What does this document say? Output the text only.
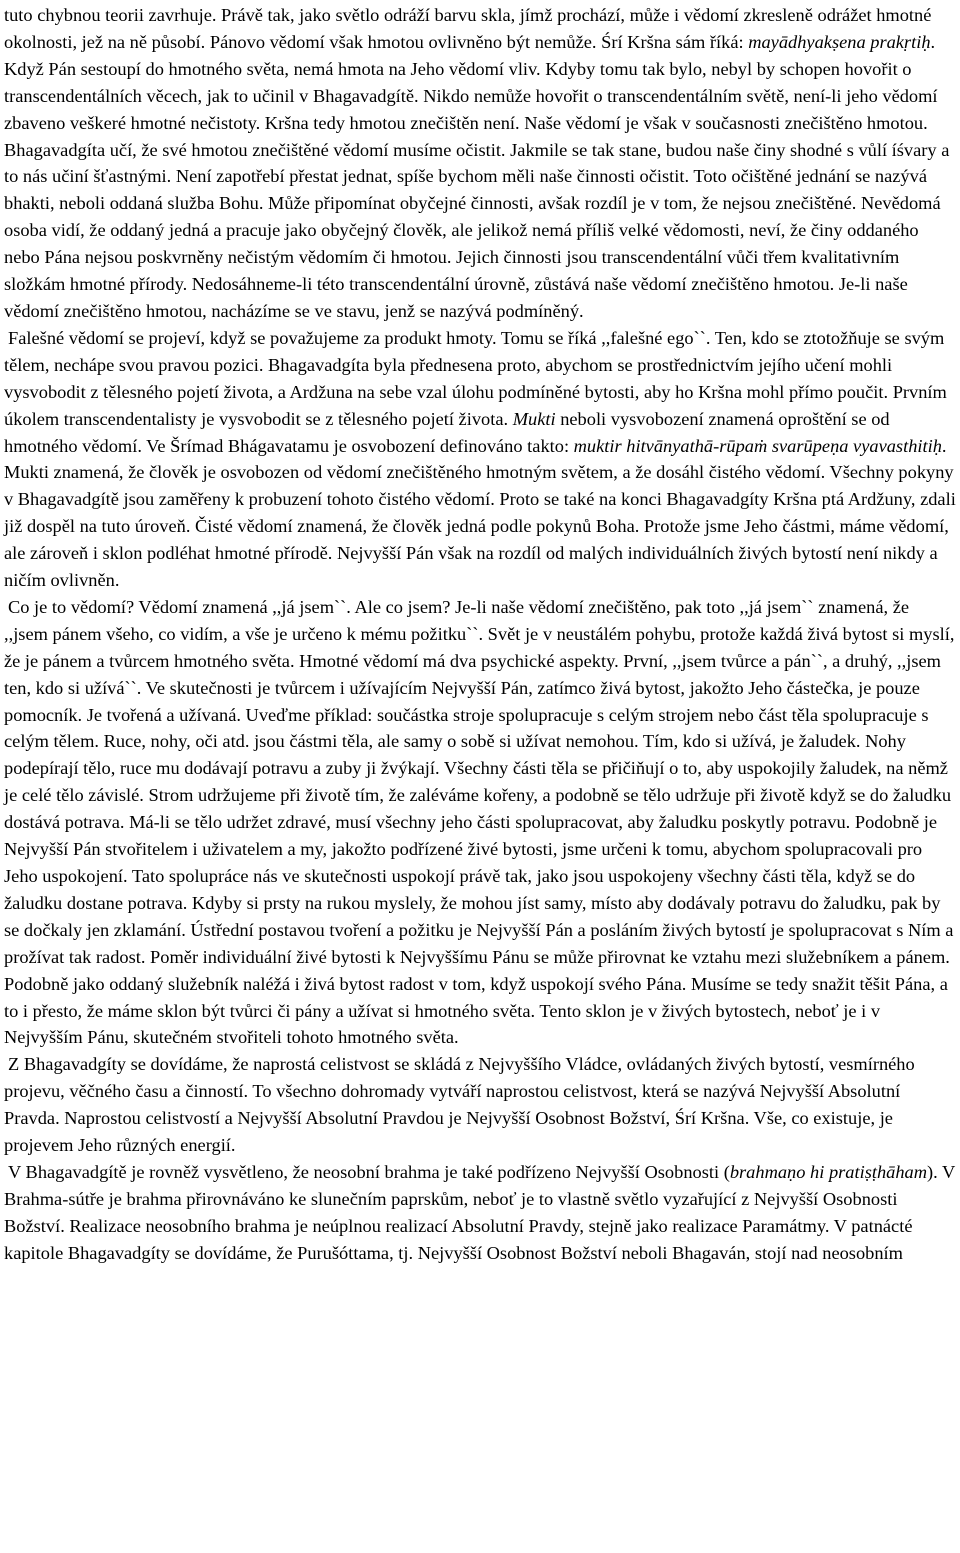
tuto chybnou teorii zavrhuje. Právě tak, jako světlo odráží barvu skla, jímž prochází, může i vědomí zkresleně odrážet hmotné okolnosti, jež na ně působí. Pánovo vědomí však hmotou ovlivněno být nemůže. Śrí Kršna sám říká: mayādhyakṣena prakṛtiḥ. Když Pán sestoupí do hmotného světa, nemá hmota na Jeho vědomí vliv. Kdyby tomu tak bylo, nebyl by schopen hovořit o transcendentálních věcech, jak to učinil v Bhagavadgítě. Nikdo nemůže hovořit o transcendentálním světě, není-li jeho vědomí zbaveno veškeré hmotné nečistoty. Kršna tedy hmotou znečištěn není. Naše vědomí je však v současnosti znečištěno hmotou. Bhagavadgíta učí, že své hmotou znečištěné vědomí musíme očistit. Jakmile se tak stane, budou naše činy shodné s vůlí íśvary a to nás učiní šťastnými. Není zapotřebí přestat jednat, spíše bychom měli naše činnosti očistit. Toto očištěné jednání se nazývá bhakti, neboli oddaná služba Bohu. Může připomínat obyčejné činnosti, avšak rozdíl je v tom, že nejsou znečištěné. Nevědomá osoba vidí, že oddaný jedná a pracuje jako obyčejný člověk, ale jelikož nemá příliš velké vědomosti, neví, že činy oddaného nebo Pána nejsou poskvrněny nečistým vědomím či hmotou. Jejich činnosti jsou transcendentální vůči třem kvalitativním složkám hmotné přírody. Nedosáhneme-li této transcendentální úrovně, zůstává naše vědomí znečištěno hmotou. Je-li naše vědomí znečištěno hmotou, nacházíme se ve stavu, jenž se nazývá podmíněný.

Falešné vědomí se projeví, když se považujeme za produkt hmoty. Tomu se říká ,,falešné ego``. Ten, kdo se ztotožňuje se svým tělem, nechápe svou pravou pozici. Bhagavadgíta byla přednesena proto, abychom se prostřednictvím jejího učení mohli vysvobodit z tělesného pojetí života, a Ardžuna na sebe vzal úlohu podmíněné bytosti, aby ho Kršna mohl přímo poučit. Prvním úkolem transcendentalisty je vysvobodit se z tělesného pojetí života. Mukti neboli vysvobození znamená oproštění se od hmotného vědomí. Ve Šrímad Bhágavatamu je osvobození definováno takto: muktir hitvānyathā-rūpaṁ svarūpeṇa vyavasthitiḥ. Mukti znamená, že člověk je osvobozen od vědomí znečištěného hmotným světem, a že dosáhl čistého vědomí. Všechny pokyny v Bhagavadgítě jsou zaměřeny k probuzení tohoto čistého vědomí. Proto se také na konci Bhagavadgíty Kršna ptá Ardžuny, zdali již dospěl na tuto úroveň. Čisté vědomí znamená, že člověk jedná podle pokynů Boha. Protože jsme Jeho částmi, máme vědomí, ale zároveň i sklon podléhat hmotné přírodě. Nejvyšší Pán však na rozdíl od malých individuálních živých bytostí není nikdy a ničím ovlivněn.

Co je to vědomí? Vědomí znamená ,,já jsem``. Ale co jsem? Je-li naše vědomí znečištěno, pak toto ,,já jsem`` znamená, že ,,jsem pánem všeho, co vidím, a vše je určeno k mému požitku``. Svět je v neustálém pohybu, protože každá živá bytost si myslí, že je pánem a tvůrcem hmotného světa. Hmotné vědomí má dva psychické aspekty. První, ,,jsem tvůrce a pán``, a druhý, ,,jsem ten, kdo si užívá``. Ve skutečnosti je tvůrcem i užívajícím Nejvyšší Pán, zatímco živá bytost, jakožto Jeho částečka, je pouze pomocník. Je tvořená a užívaná. Uveďme příklad: součástka stroje spolupracuje s celým strojem nebo část těla spolupracuje s celým tělem. Ruce, nohy, oči atd. jsou částmi těla, ale samy o sobě si užívat nemohou. Tím, kdo si užívá, je žaludek. Nohy podepírají tělo, ruce mu dodávají potravu a zuby ji žvýkají. Všechny části těla se přičiňují o to, aby uspokojily žaludek, na němž je celé tělo závislé. Strom udržujeme při životě tím, že zaléváme kořeny, a podobně se tělo udržuje při životě když se do žaludku dostává potrava. Má-li se tělo udržet zdravé, musí všechny jeho části spolupracovat, aby žaludku poskytly potravu. Podobně je Nejvyšší Pán stvořitelem i uživatelem a my, jakožto podřízené živé bytosti, jsme určeni k tomu, abychom spolupracovali pro Jeho uspokojení. Tato spolupráce nás ve skutečnosti uspokojí právě tak, jako jsou uspokojeny všechny části těla, když se do žaludku dostane potrava. Kdyby si prsty na rukou myslely, že mohou jíst samy, místo aby dodávaly potravu do žaludku, pak by se dočkaly jen zklamání. Ústřední postavou tvoření a požitku je Nejvyšší Pán a posláním živých bytostí je spolupracovat s Ním a prožívat tak radost. Poměr individuální živé bytosti k Nejvyššímu Pánu se může přirovnat ke vztahu mezi služebníkem a pánem. Podobně jako oddaný služebník naléžá i živá bytost radost v tom, když uspokojí svého Pána. Musíme se tedy snažit těšit Pána, a to i přesto, že máme sklon být tvůrci či pány a užívat si hmotného světa. Tento sklon je v živých bytostech, neboť je i v Nejvyšším Pánu, skutečném stvořiteli tohoto hmotného světa.

Z Bhagavadgíty se dovídáme, že naprostá celistvost se skládá z Nejvyššího Vládce, ovládaných živých bytostí, vesmírného projevu, věčného času a činností. To všechno dohromady vytváří naprostou celistvost, která se nazývá Nejvyšší Absolutní Pravda. Naprostou celistvostí a Nejvyšší Absolutní Pravdou je Nejvyšší Osobnost Božství, Śrí Kršna. Vše, co existuje, je projevem Jeho různých energií.

V Bhagavadgítě je rovněž vysvětleno, že neosobní brahma je také podřízeno Nejvyšší Osobnosti (brahmaṇo hi pratiṣṭhāham). V Brahma-sútře je brahma přirovnáváno ke slunečním paprskům, neboť je to vlastně světlo vyzařující z Nejvyšší Osobnosti Božství. Realizace neosobního brahma je neúplnou realizací Absolutní Pravdy, stejně jako realizace Paramátmy. V patnácté kapitole Bhagavadgíty se dovídáme, že Purušóttama, tj. Nejvyšší Osobnost Božství neboli Bhagaván, stojí nad neosobním
